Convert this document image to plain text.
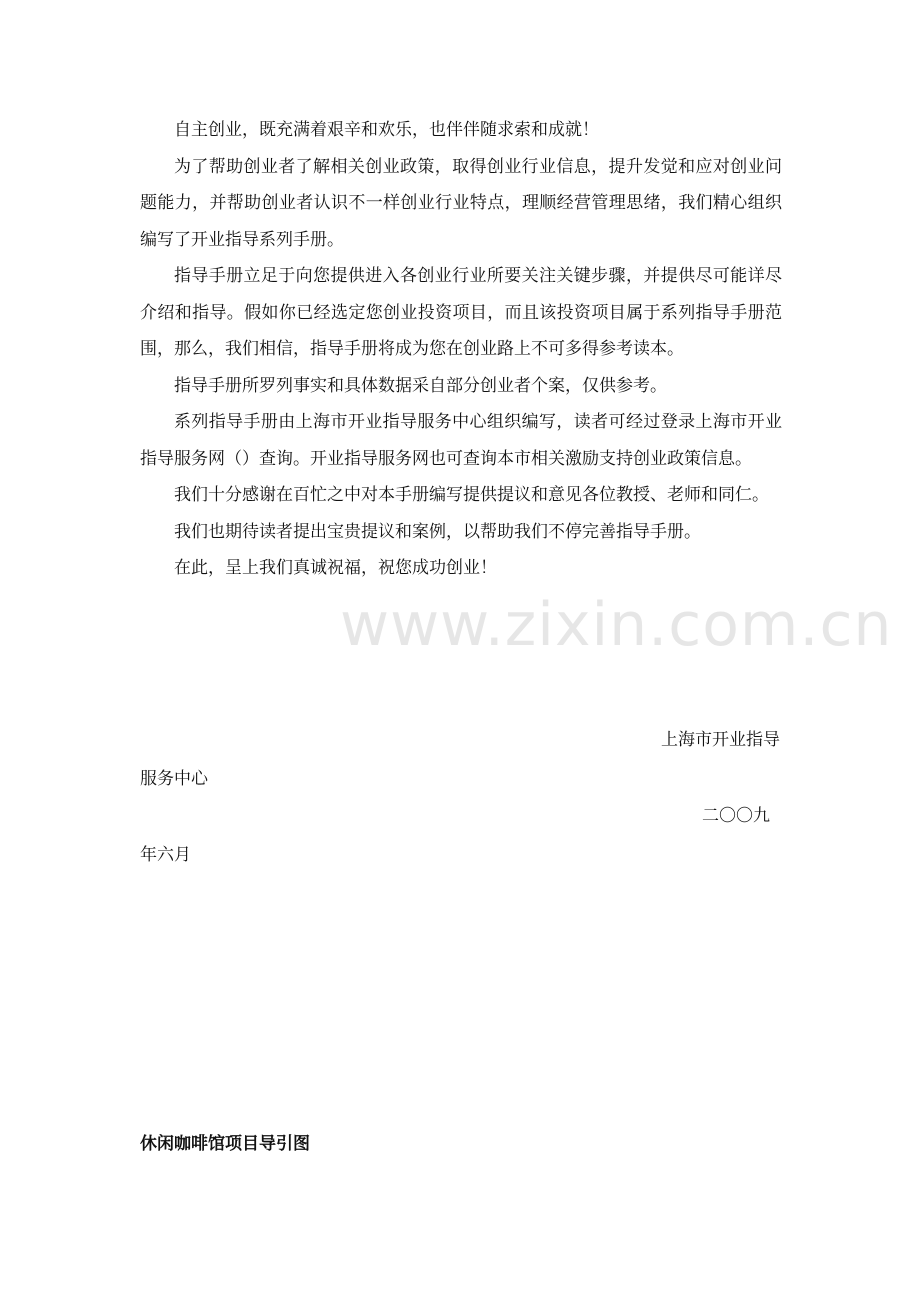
www.zixin.com.cn

自主创业，既充满着艰辛和欢乐，也伴伴随求索和成就！

为了帮助创业者了解相关创业政策，取得创业行业信息，提升发觉和应对创业问题能力，并帮助创业者认识不一样创业行业特点，理顺经营管理思绪，我们精心组织编写了开业指导系列手册。

指导手册立足于向您提供进入各创业行业所要关注关键步骤，并提供尽可能详尽介绍和指导。假如你已经选定您创业投资项目，而且该投资项目属于系列指导手册范围，那么，我们相信，指导手册将成为您在创业路上不可多得参考读本。

指导手册所罗列事实和具体数据采自部分创业者个案，仅供参考。

系列指导手册由上海市开业指导服务中心组织编写，读者可经过登录上海市开业指导服务网（）查询。开业指导服务网也可查询本市相关激励支持创业政策信息。

我们十分感谢在百忙之中对本手册编写提供提议和意见各位教授、老师和同仁。

我们也期待读者提出宝贵提议和案例，以帮助我们不停完善指导手册。

在此，呈上我们真诚祝福，祝您成功创业！

上海市开业指导
服务中心
二〇〇九
年六月
休闲咖啡馆项目导引图
